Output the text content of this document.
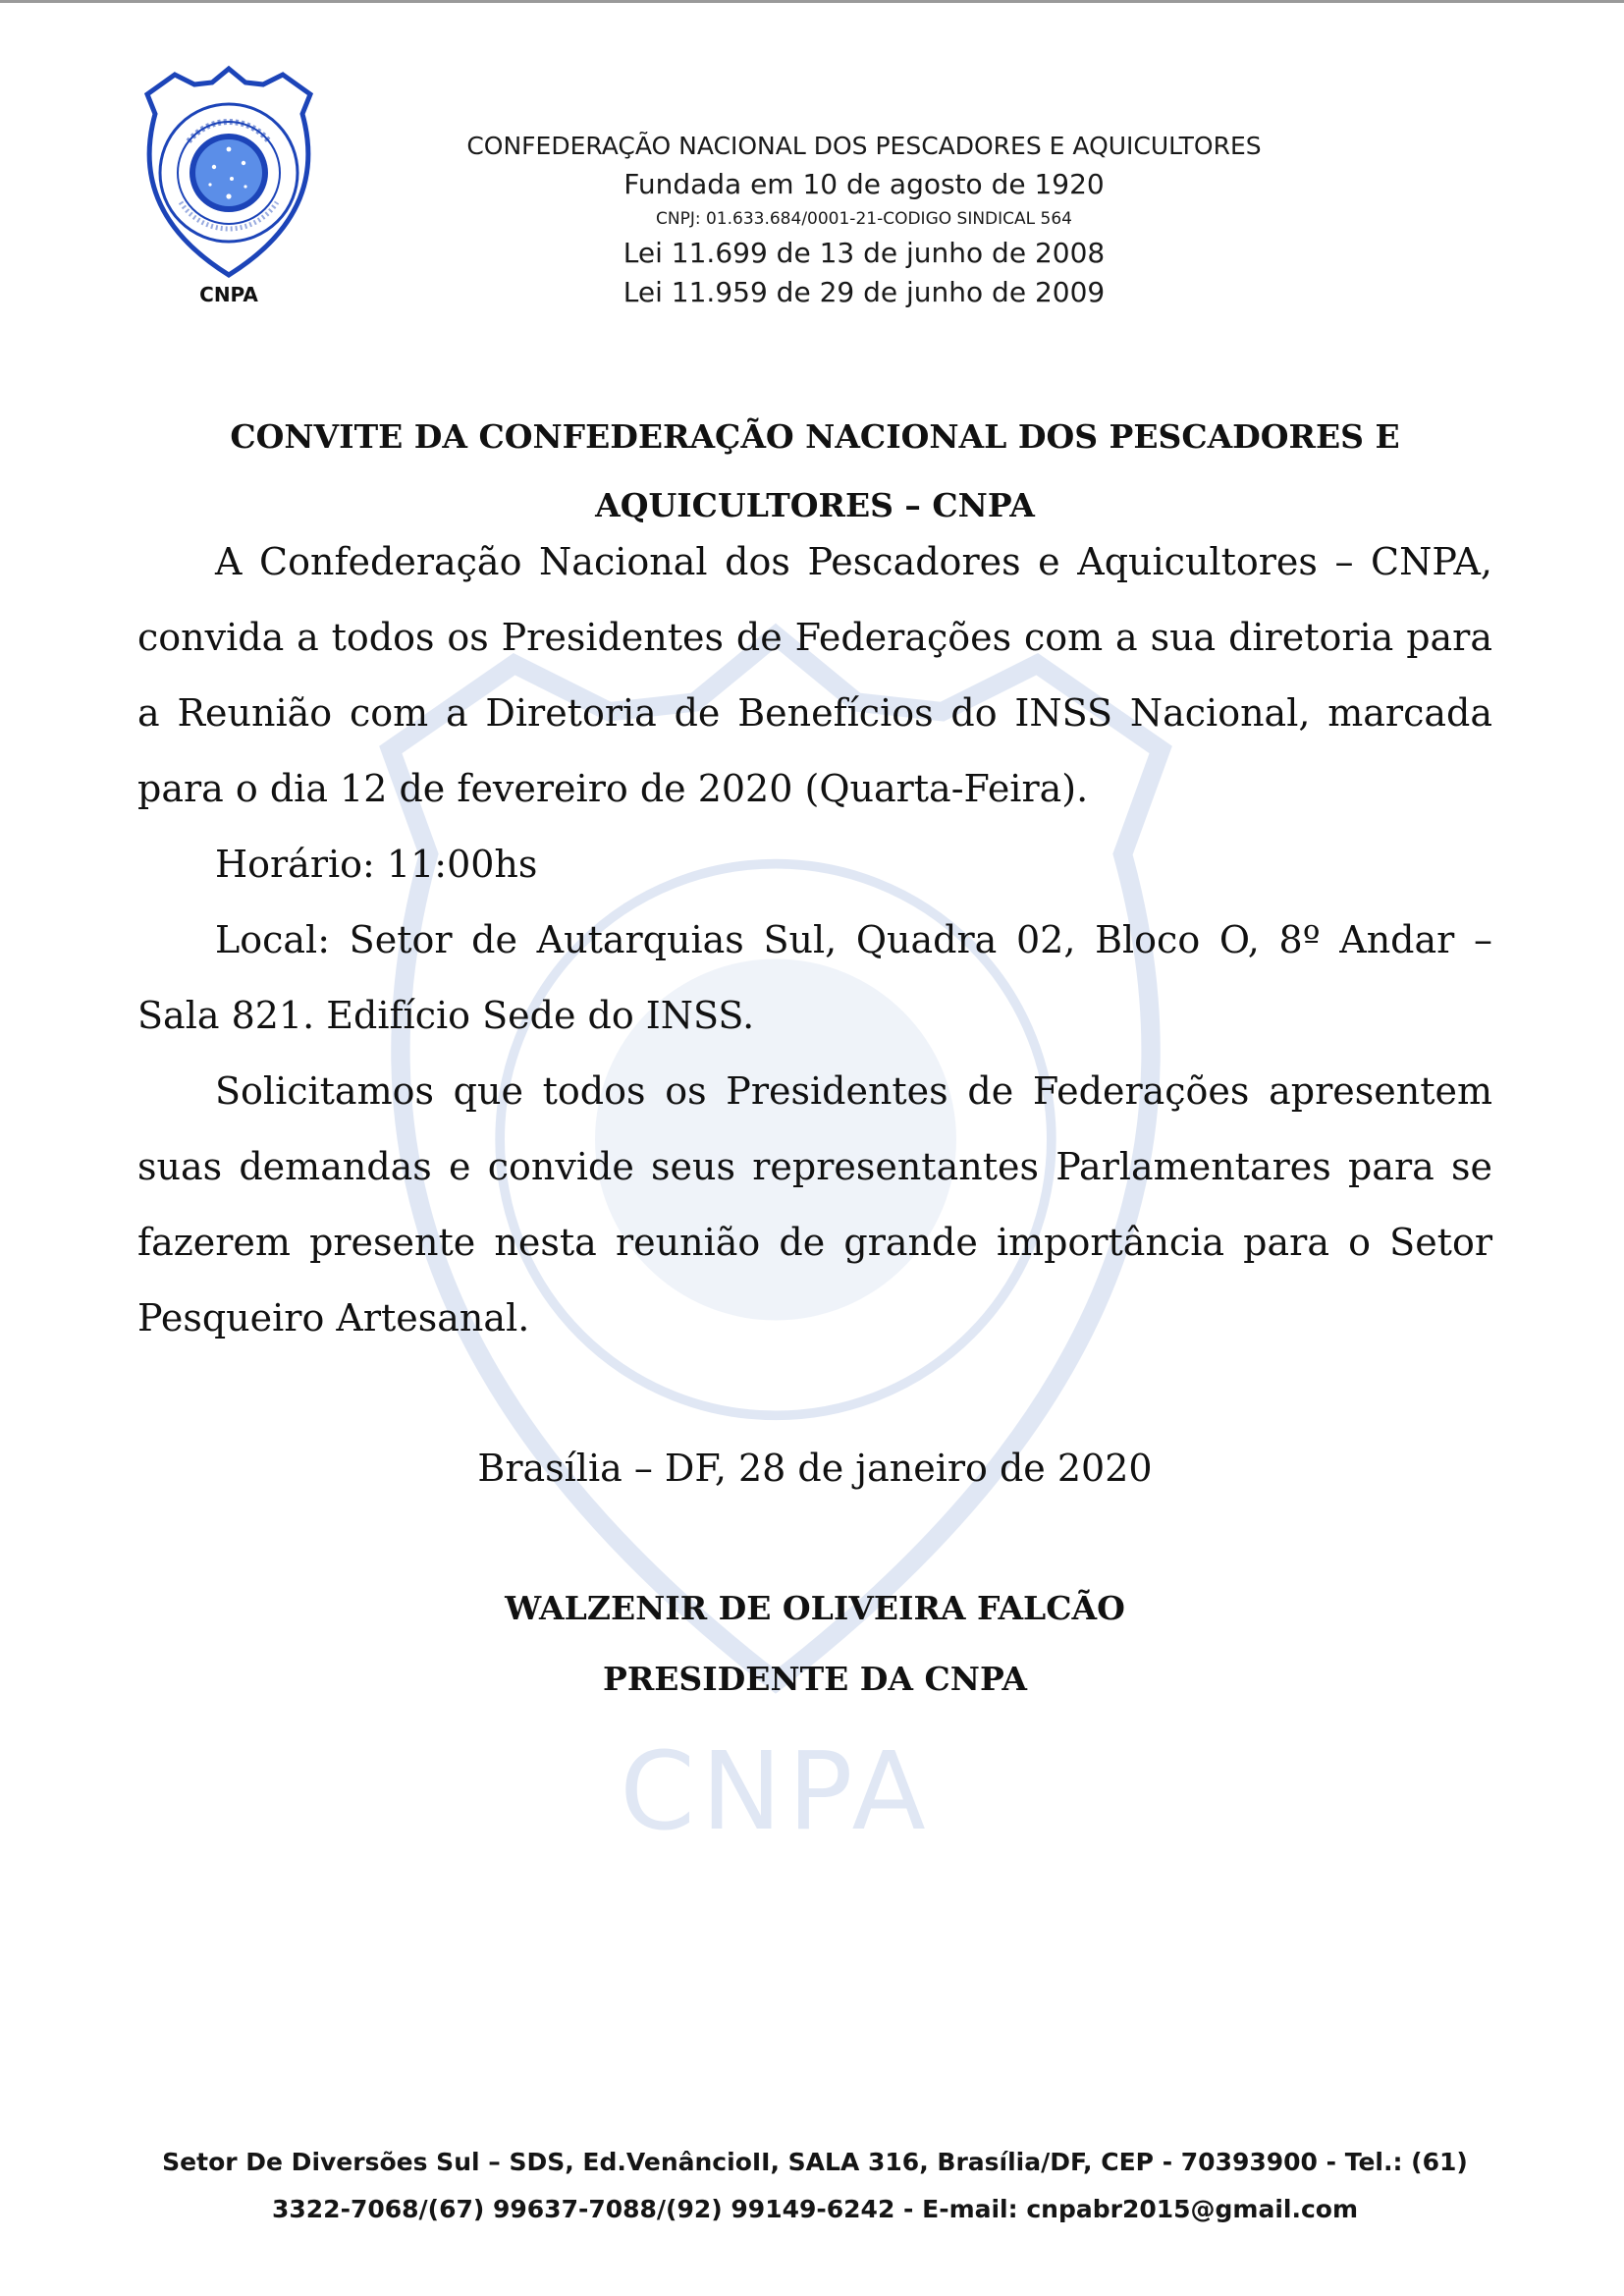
CNPA
CNPA
CONFEDERAÇÃO NACIONAL DOS PESCADORES E AQUICULTORES
Fundada em 10 de agosto de 1920
CNPJ: 01.633.684/0001-21-CODIGO SINDICAL 564
Lei 11.699 de 13 de junho de 2008
Lei 11.959 de 29 de junho de 2009
CONVITE DA CONFEDERAÇÃO NACIONAL DOS PESCADORES E
AQUICULTORES – CNPA

A Confederação Nacional dos Pescadores e Aquicultores – CNPA, convida a todos os Presidentes de Federações com a sua diretoria para a Reunião com a Diretoria de Benefícios do INSS Nacional, marcada para o dia 12 de fevereiro de 2020 (Quarta-Feira).

Horário: 11:00hs

Local: Setor de Autarquias Sul, Quadra 02, Bloco O, 8º Andar – Sala 821. Edifício Sede do INSS.

Solicitamos que todos os Presidentes de Federações apresentem suas demandas e convide seus representantes Parlamentares para se fazerem presente nesta reunião de grande importância para o Setor Pesqueiro Artesanal.

Brasília – DF, 28 de janeiro de 2020
WALZENIR DE OLIVEIRA FALCÃO
PRESIDENTE DA CNPA
Setor De Diversões Sul – SDS, Ed.VenâncioII, SALA 316, Brasília/DF, CEP - 70393900 - Tel.: (61)
3322-7068/(67) 99637-7088/(92) 99149-6242 - E-mail: cnpabr2015@gmail.com
